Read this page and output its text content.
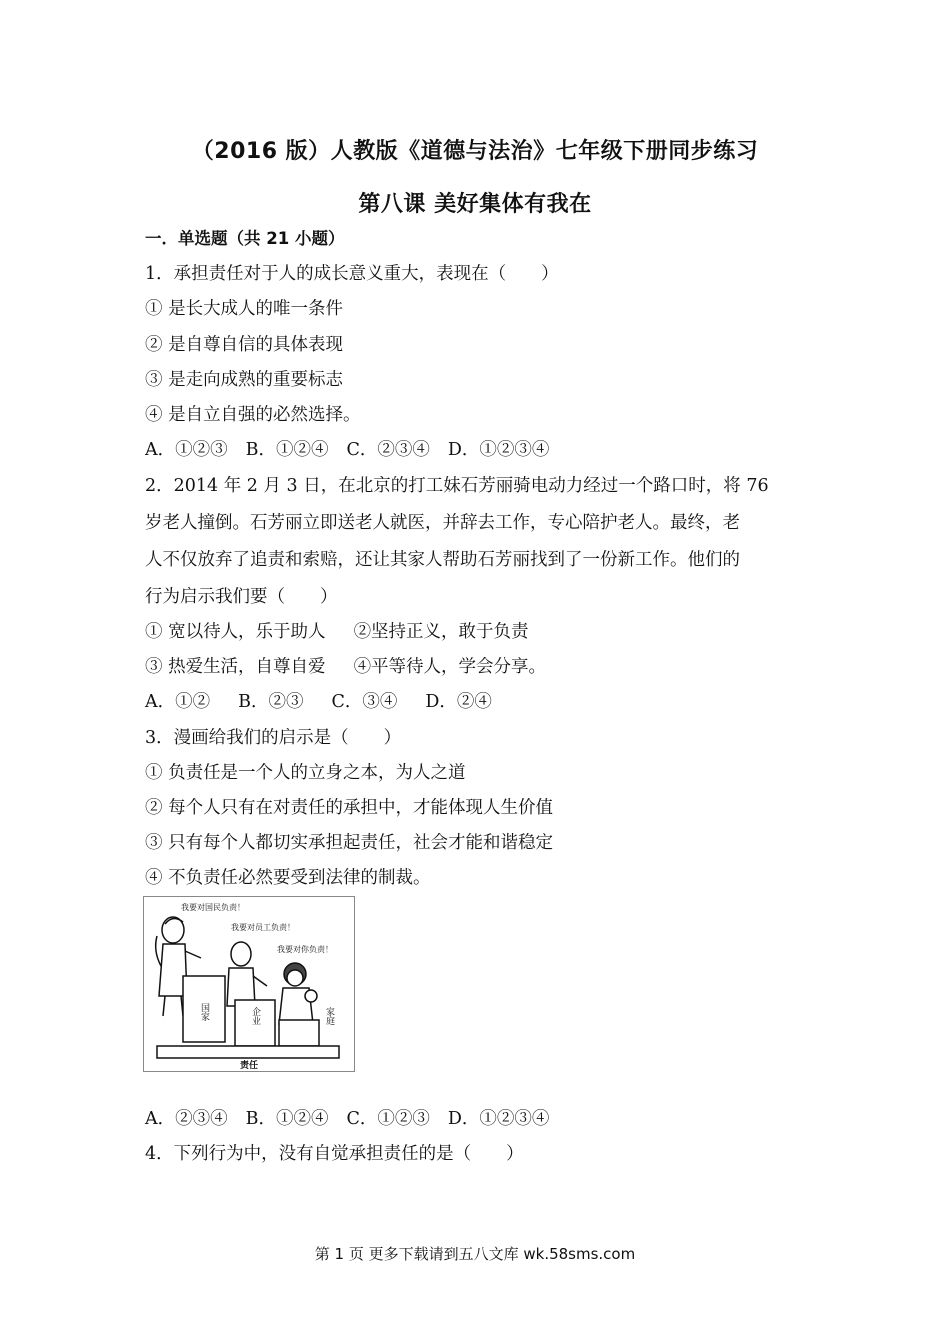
（2016 版）人教版《道德与法治》七年级下册同步练习
第八课 美好集体有我在
一．单选题（共 21 小题）
1．承担责任对于人的成长意义重大，表现在（　　）
① 是长大成人的唯一条件
② 是自尊自信的具体表现
③ 是走向成熟的重要标志
④ 是自立自强的必然选择。
A．①②③ B．①②④ C．②③④ D．①②③④
2．2014 年 2 月 3 日，在北京的打工妹石芳丽骑电动力经过一个路口时，将 76
岁老人撞倒。石芳丽立即送老人就医，并辞去工作，专心陪护老人。最终，老
人不仅放弃了追责和索赔，还让其家人帮助石芳丽找到了一份新工作。他们的
行为启示我们要（　　）
① 宽以待人，乐于助人 ②坚持正义，敢于负责
③ 热爱生活，自尊自爱 ④平等待人，学会分享。
A．①② B．②③ C．③④ D．②④
3．漫画给我们的启示是（　　）
① 负责任是一个人的立身之本，为人之道
② 每个人只有在对责任的承担中，才能体现人生价值
③ 只有每个人都切实承担起责任，社会才能和谐稳定
④ 不负责任必然要受到法律的制裁。
我要对国民负责！
我要对员工负责！
我要对你负责！
国家	企业	家庭
责任
A．②③④ B．①②④ C．①②③ D．①②③④
4．下列行为中，没有自觉承担责任的是（　　）
第 1 页 更多下载请到五八文库 wk.58sms.com
